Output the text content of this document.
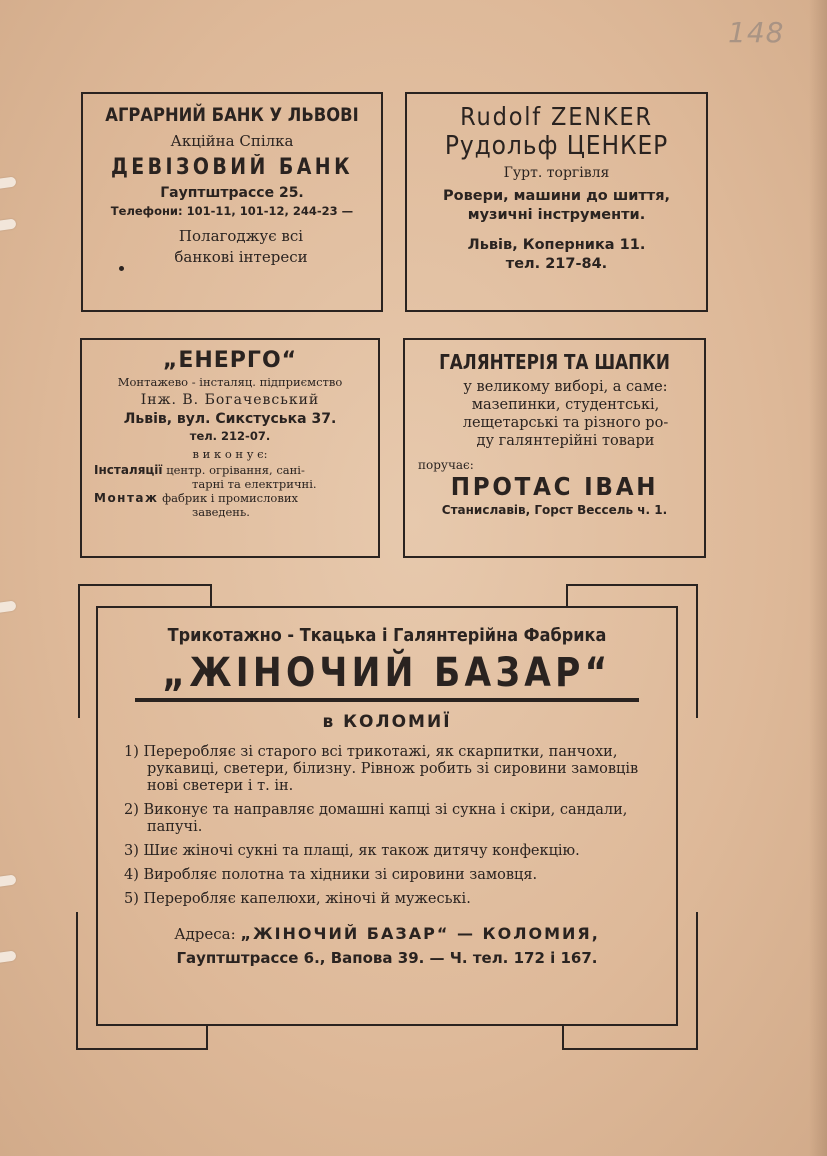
148

АГРАРНИЙ БАНК У ЛЬВОВІ

Акційна Спілка

ДЕВІЗОВИЙ БАНК

Гауптштрассе 25.

Телефони: 101-11, 101-12, 244-23 —

Полагоджує всі

банкові інтереси

Rudolf ZENKER

Рудольф ЦЕНКЕР

Гурт. торгівля

Ровери, машини до шиття,

музичні інструменти.

Львів, Коперника 11.

тел. 217-84.

„ЕНЕРГО“

Монтажево - інсталяц. підприємство

Інж. В. Богачевський

Львів, вул. Сикстуська 37.

тел. 212-07.

в и к о н у є:

Інсталяції центр. огрівання, сані-
тарні та електричні.
Монтаж фабрик і промислових
заведень.

ГАЛЯНТЕРІЯ ТА ШАПКИ

у великому виборі, а саме:

мазепинки, студентські,

лещетарські та різного ро-

ду галянтерійні товари

поручає:

ПРОТАС ІВАН

Станиславів, Горст Вессель ч. 1.

Трикотажно - Ткацька і Галянтерійна Фабрика

„ЖІНОЧИЙ БАЗАР“

в КОЛОМИЇ

1) Переробляє зі старого всі трикотажі, як скарпитки, панчохи,
рукавиці, светери, білизну. Рівнож робить зі сировини замовців
нові светери і т. ін.
2) Виконує та направляє домашні капці зі сукна і скіри, сандали,
папучі.
3) Шиє жіночі сукні та плащі, як також дитячу конфекцію.
4) Виробляє полотна та хідники зі сировини замовця.
5) Переробляє капелюхи, жіночі й мужеські.

Адреса: „ЖІНОЧИЙ БАЗАР“ — КОЛОМИЯ,

Гауптштрассе 6., Вапова 39. — Ч. тел. 172 і 167.
